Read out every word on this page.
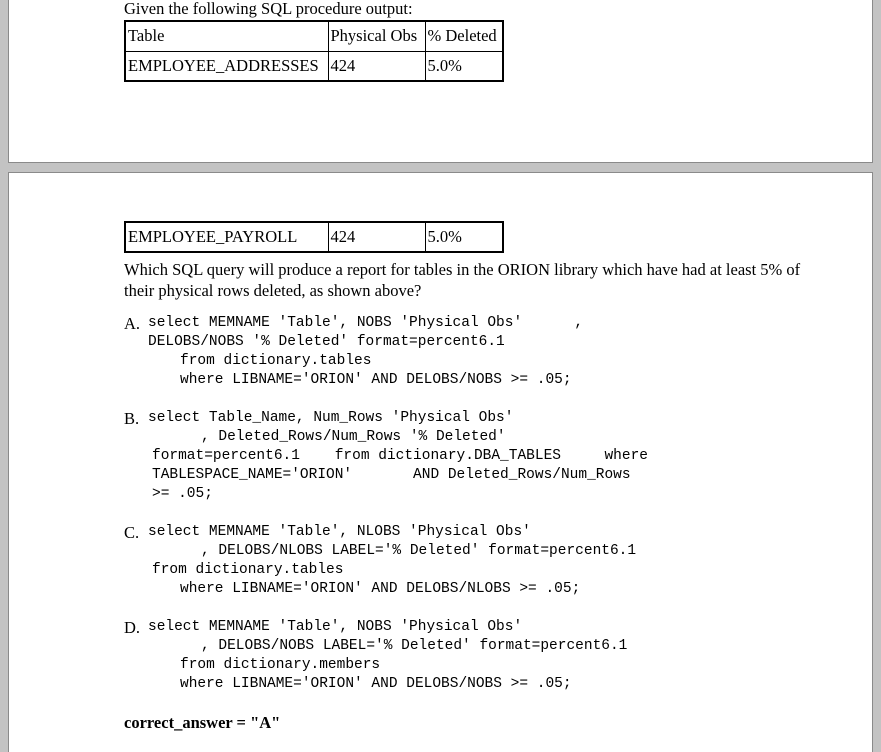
Given the following SQL procedure output:
Table	Physical Obs	% Deleted
EMPLOYEE_ADDRESSES	424	5.0%
EMPLOYEE_PAYROLL	424	5.0%
Which SQL query will produce a report for tables in the ORION library which have had at least 5% of their physical rows deleted, as shown above?
A. select MEMNAME 'Table', NOBS 'Physical Obs'      ,
DELOBS/NOBS '% Deleted' format=percent6.1
from dictionary.tables
where LIBNAME='ORION' AND DELOBS/NOBS >= .05;
B. select Table_Name, Num_Rows 'Physical Obs'
, Deleted_Rows/Num_Rows '% Deleted'
format=percent6.1    from dictionary.DBA_TABLES     where
TABLESPACE_NAME='ORION'       AND Deleted_Rows/Num_Rows
>= .05;
C. select MEMNAME 'Table', NLOBS 'Physical Obs'
, DELOBS/NLOBS LABEL='% Deleted' format=percent6.1
from dictionary.tables
where LIBNAME='ORION' AND DELOBS/NLOBS >= .05;
D. select MEMNAME 'Table', NOBS 'Physical Obs'
, DELOBS/NOBS LABEL='% Deleted' format=percent6.1
from dictionary.members
where LIBNAME='ORION' AND DELOBS/NOBS >= .05;
correct_answer = "A"
